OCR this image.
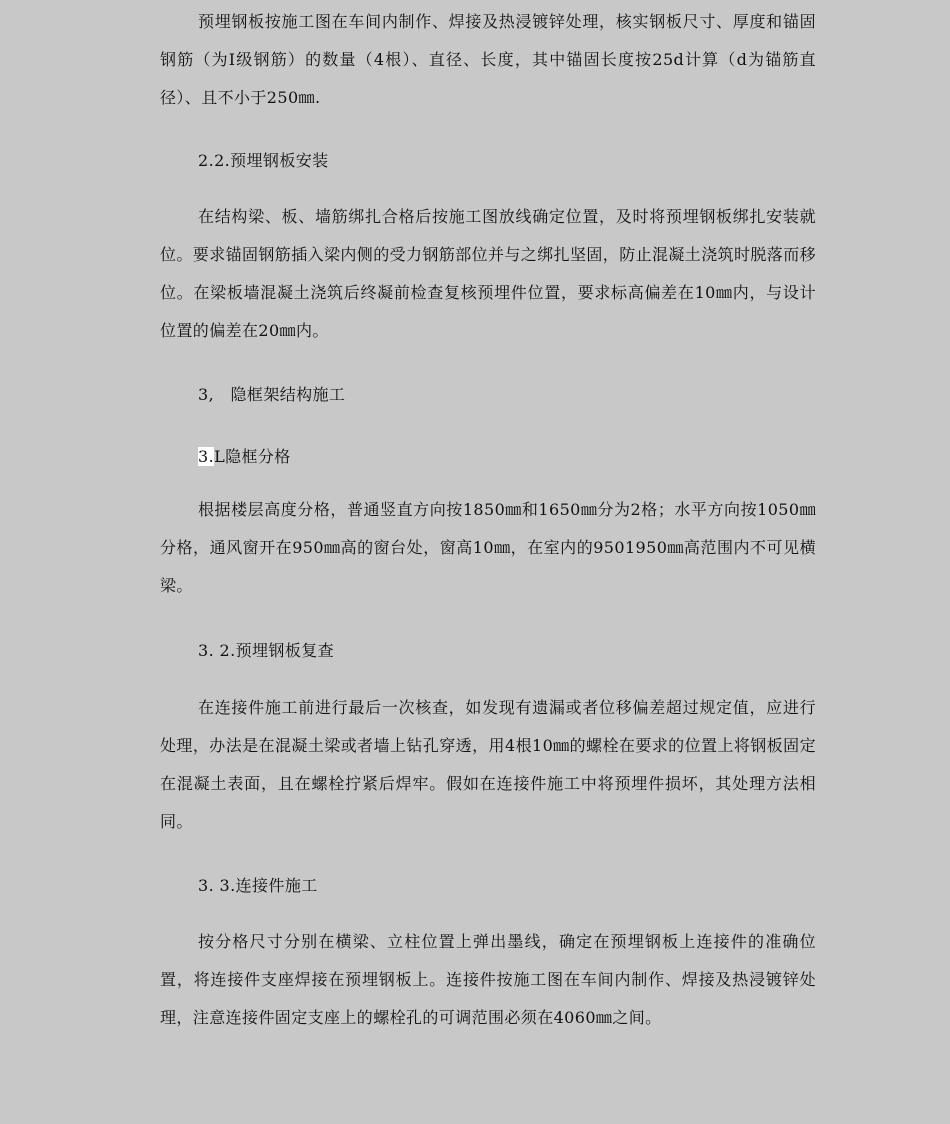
预埋钢板按施工图在车间内制作、焊接及热浸镀锌处理，核实钢板尺寸、厚度和锚固钢筋（为Ⅰ级钢筋）的数量（4根）、直径、长度，其中锚固长度按25d计算（d为锚筋直径）、且不小于250㎜.

2.2.预埋钢板安装

在结构梁、板、墙筋绑扎合格后按施工图放线确定位置，及时将预埋钢板绑扎安装就位。要求锚固钢筋插入梁内侧的受力钢筋部位并与之绑扎坚固，防止混凝土浇筑时脱落而移位。在梁板墙混凝土浇筑后终凝前检查复核预埋件位置，要求标高偏差在10㎜内，与设计位置的偏差在20㎜内。

3,   隐框架结构施工

3.L隐框分格

根据楼层高度分格，普通竖直方向按1850㎜和1650㎜分为2格；水平方向按1050㎜分格，通风窗开在950㎜高的窗台处，窗高10㎜，在室内的9501950㎜高范围内不可见横梁。

3. 2.预埋钢板复查

在连接件施工前进行最后一次核查，如发现有遗漏或者位移偏差超过规定值，应进行处理，办法是在混凝土梁或者墙上钻孔穿透，用4根10㎜的螺栓在要求的位置上将钢板固定在混凝土表面，且在螺栓拧紧后焊牢。假如在连接件施工中将预埋件损坏，其处理方法相同。

3. 3.连接件施工

按分格尺寸分别在横梁、立柱位置上弹出墨线，确定在预埋钢板上连接件的准确位置，将连接件支座焊接在预埋钢板上。连接件按施工图在车间内制作、焊接及热浸镀锌处理，注意连接件固定支座上的螺栓孔的可调范围必须在4060㎜之间。
